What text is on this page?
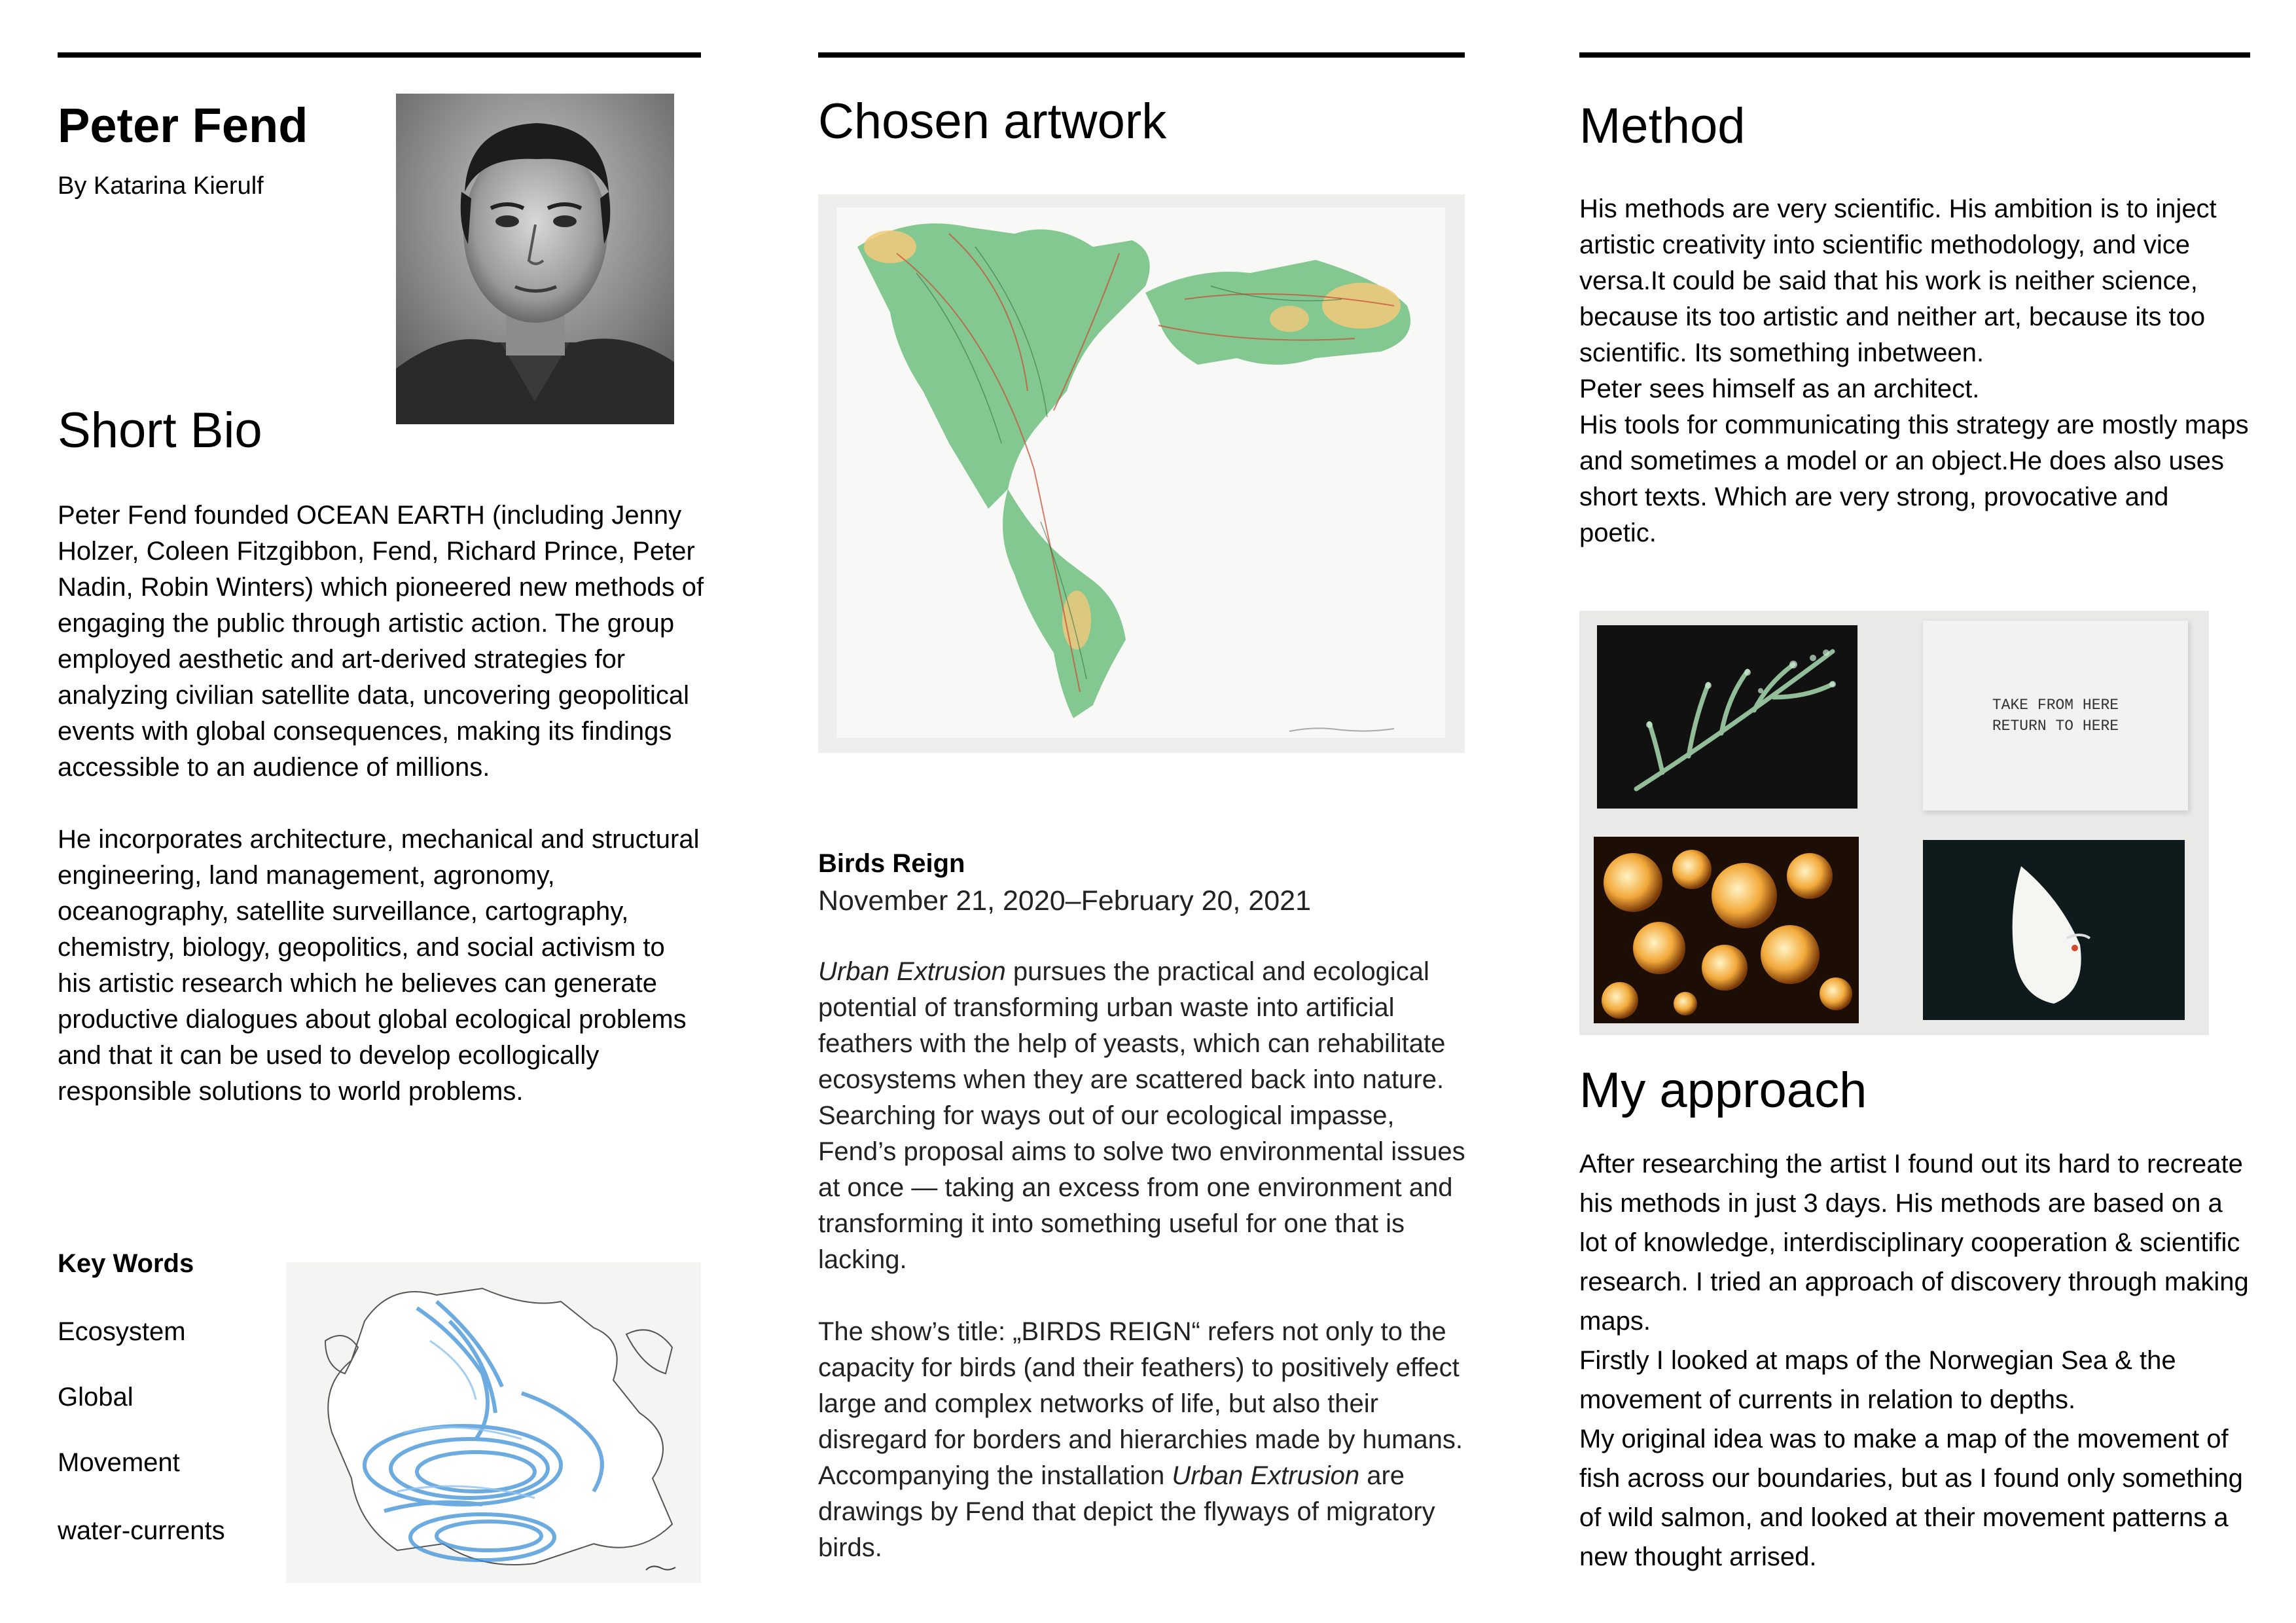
Peter Fend
By Katarina Kierulf
Short Bio

Peter Fend founded OCEAN EARTH (including Jenny Holzer, Coleen Fitzgibbon, Fend, Richard Prince, Peter Nadin, Robin Winters) which pioneered new methods of engaging the public through artistic action. The group employed aesthetic and art-derived strategies for analyzing civilian satellite data, uncovering geopolitical events with global consequences, making its findings accessible to an audience of millions.

He incorporates architecture, mechanical and structural engineering, land management, agronomy, oceanography, satellite surveillance, cartography, chemistry, biology, geopolitics, and social activism to his artistic research which he believes can generate productive dialogues about global ecological problems and that it can be used to develop ecollogically responsible solutions to world problems.

Key Words
Ecosystem
Global
Movement
water-currents
Chosen artwork
Birds Reign
November 21, 2020–February 20, 2021

Urban Extrusion pursues the practical and ecological potential of transforming urban waste into artificial feathers with the help of yeasts, which can rehabilitate ecosystems when they are scattered back into nature. Searching for ways out of our ecological impasse, Fend’s proposal aims to solve two environmental issues at once — taking an excess from one environment and transforming it into something useful for one that is lacking.

The show’s title: „BIRDS REIGN“ refers not only to the capacity for birds (and their feathers) to positively effect large and complex networks of life, but also their disregard for borders and hierarchies made by humans. Accompanying the installation Urban Extrusion are drawings by Fend that depict the flyways of migratory birds.

Method

His methods are very scientific. His ambition is to inject artistic creativity into scientific methodology, and vice versa.It could be said that his work is neither science, because its too artistic and neither art, because its too scientific. Its something inbetween.

Peter sees himself as an architect.

His tools for communicating this strategy are mostly maps and sometimes a model or an object.He does also uses short texts. Which are very strong, provocative and poetic.

TAKE FROM HERE
RETURN TO HERE
My approach

After researching the artist I found out its hard to recreate his methods in just 3 days. His methods are based on a lot of knowledge, interdisciplinary cooperation & scientific research. I tried an approach of discovery through making maps.

Firstly I looked at maps of the Norwegian Sea & the movement of currents in relation to depths.

My original idea was to make a map of the movement of fish across our boundaries, but as I found only something of wild salmon, and looked at their movement patterns a new thought arrised.
